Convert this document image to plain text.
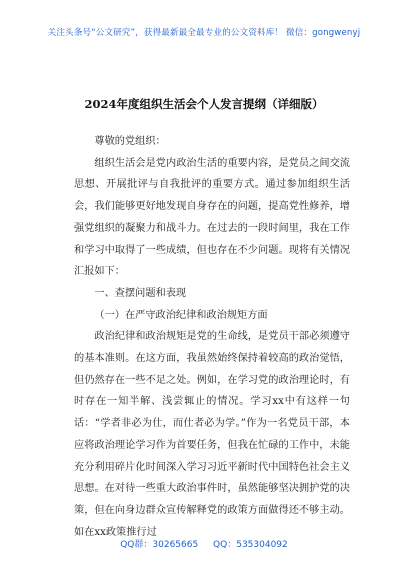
关注头条号“公文研究”，获得最新最全最专业的公文资料库！ 微信：gongwenyj
2024年度组织生活会个人发言提纲（详细版）
尊敬的党组织：
组织生活会是党内政治生活的重要内容，是党员之间交流思想、开展批评与自我批评的重要方式。通过参加组织生活会，我们能够更好地发现自身存在的问题，提高党性修养，增强党组织的凝聚力和战斗力。在过去的一段时间里，我在工作和学习中取得了一些成绩，但也存在不少问题。现将有关情况汇报如下：
一、查摆问题和表现
（一）在严守政治纪律和政治规矩方面
政治纪律和政治规矩是党的生命线，是党员干部必须遵守的基本准则。在这方面，我虽然始终保持着较高的政治觉悟，但仍然存在一些不足之处。例如，在学习党的政治理论时，有时存在一知半解、浅尝辄止的情况。学习xx中有这样一句话：“学者非必为仕，而仕者必为学。”作为一名党员干部，本应将政治理论学习作为首要任务，但我在忙碌的工作中，未能充分利用碎片化时间深入学习习近平新时代中国特色社会主义思想。在对待一些重大政治事件时，虽然能够坚决拥护党的决策，但在向身边群众宣传解释党的政策方面做得还不够主动。如在xx政策推行过
QQ群：30265665 QQ：535304092
